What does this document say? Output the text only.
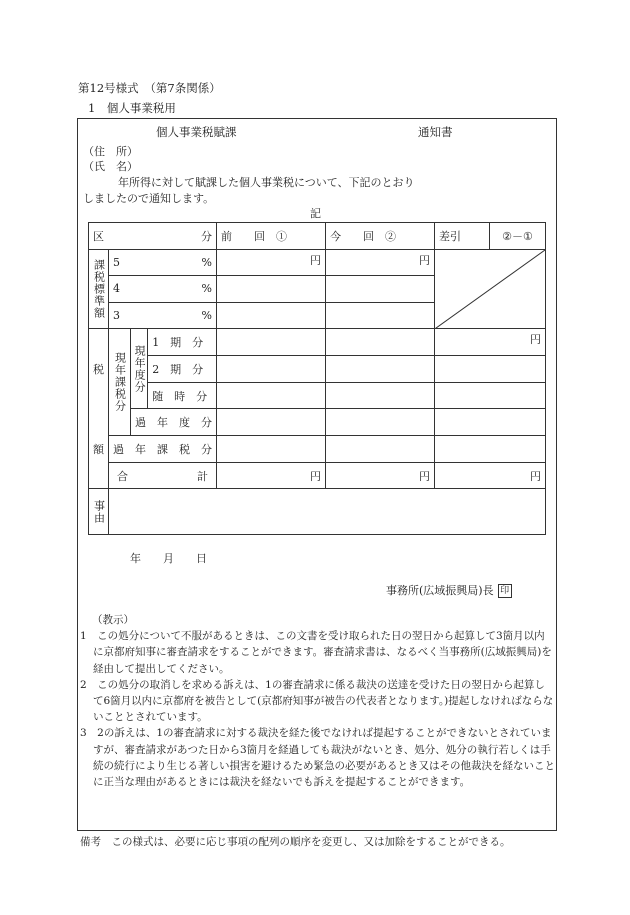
第12号様式　（第7条関係）
1　個人事業税用
個人事業税賦課	通知書
（住　所）
（氏　名）
年所得に対して賦課した個人事業税について、下記のとおり
しましたので通知します。
記
区 分				前　　回　①	今　　回　②	差引	②－①
課税標準額	5 %			円	円	

	4 %						

	3 %						

税
額	現年課税分	現年度分	1　期　分			円	
			2　期　分				
			随　時　分				
		過　年　度　分					
	過　年　課　税　分						

	合 計			円	円	円	
事由							
年　　月　　日
事務所(広域振興局)長 印
（教示）
1　この処分について不服があるときは、この文書を受け取られた日の翌日から起算して3箇月以内に京都府知事に審査請求をすることができます。審査請求書は、なるべく当事務所(広域振興局)を経由して提出してください。
2　この処分の取消しを求める訴えは、1の審査請求に係る裁決の送達を受けた日の翌日から起算して6箇月以内に京都府を被告として(京都府知事が被告の代表者となります。)提起しなければならないこととされています。
3　2の訴えは、1の審査請求に対する裁決を経た後でなければ提起することができないとされていますが、審査請求があつた日から3箇月を経過しても裁決がないとき、処分、処分の執行若しくは手続の続行により生じる著しい損害を避けるため緊急の必要があるとき又はその他裁決を経ないことに正当な理由があるときには裁決を経ないでも訴えを提起することができます。
備考　この様式は、必要に応じ事項の配列の順序を変更し、又は加除をすることができる。
